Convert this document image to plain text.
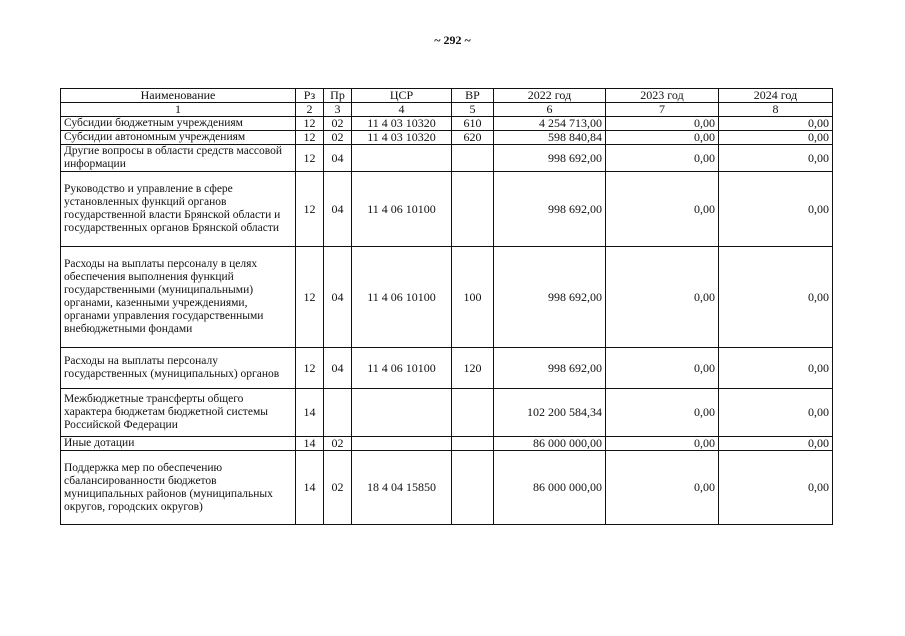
~ 292 ~
Наименование	Рз	Пр	ЦСР	ВР	2022 год	2023 год	2024 год
1	2	3	4	5	6	7	8
Субсидии бюджетным учреждениям	12	02	11 4 03 10320	610	4 254 713,00	0,00	0,00
Субсидии автономным учреждениям	12	02	11 4 03 10320	620	598 840,84	0,00	0,00
Другие вопросы в области средств массовой информации	12	04			998 692,00	0,00	0,00
Руководство и управление в сфере установленных функций органов государственной власти Брянской области и государственных органов Брянской области	12	04	11 4 06 10100		998 692,00	0,00	0,00
Расходы на выплаты персоналу в целях обеспечения выполнения функций государственными (муниципальными) органами, казенными учреждениями, органами управления государственными внебюджетными фондами	12	04	11 4 06 10100	100	998 692,00	0,00	0,00
Расходы на выплаты персоналу государственных (муниципальных) органов	12	04	11 4 06 10100	120	998 692,00	0,00	0,00
Межбюджетные трансферты общего характера бюджетам бюджетной системы Российской Федерации	14				102 200 584,34	0,00	0,00
Иные дотации	14	02			86 000 000,00	0,00	0,00
Поддержка мер по обеспечению сбалансированности бюджетов муниципальных районов (муниципальных округов, городских округов)	14	02	18 4 04 15850		86 000 000,00	0,00	0,00
